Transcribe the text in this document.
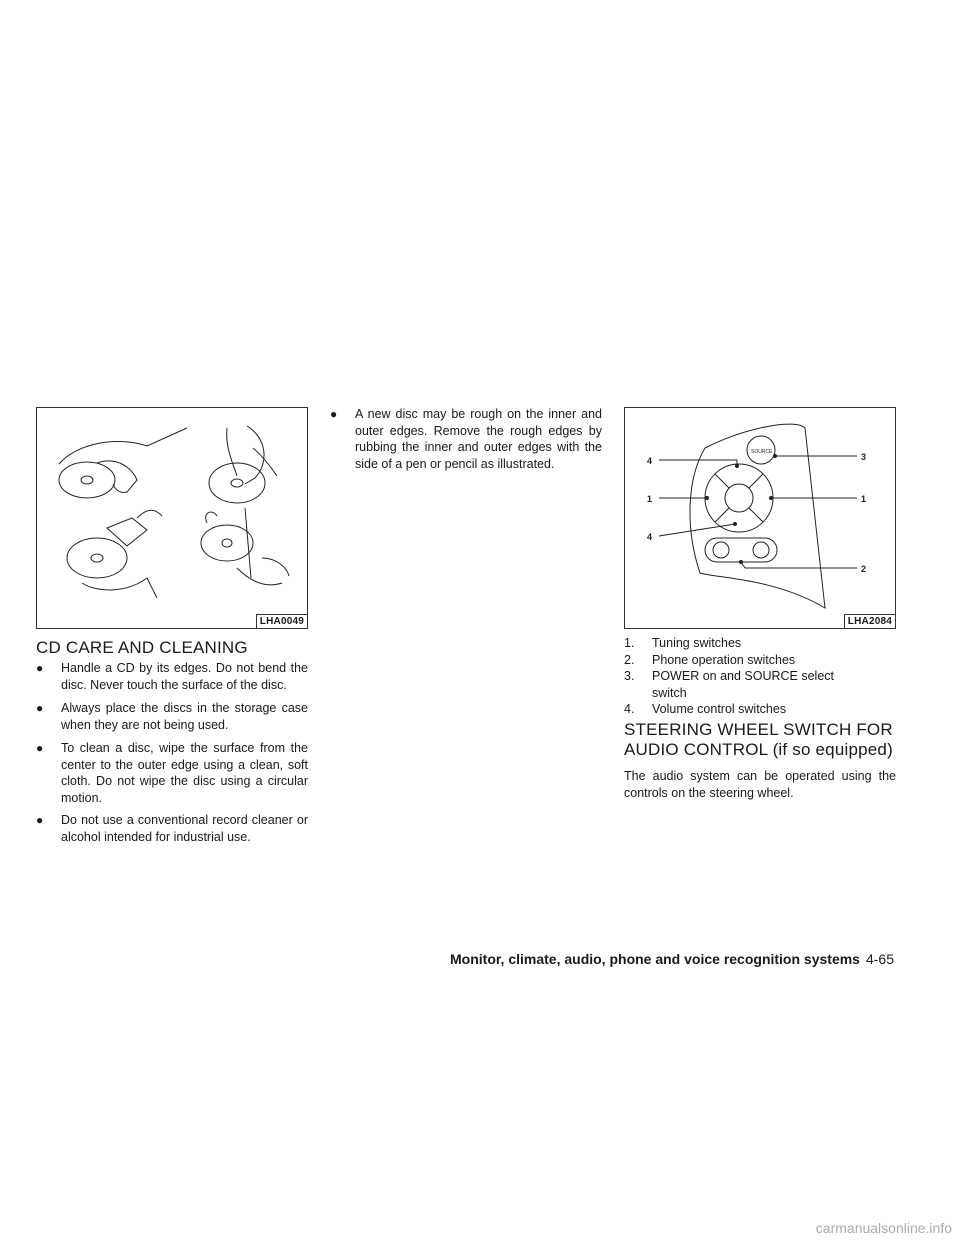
LHA0049
4
1
4
3
1
2
SOURCE
LHA2084
CD CARE AND CLEANING
●	Handle a CD by its edges. Do not bend the disc. Never touch the surface of the disc.
●	Always place the discs in the storage case when they are not being used.
●	To clean a disc, wipe the surface from the center to the outer edge using a clean, soft cloth. Do not wipe the disc using a circular motion.
●	Do not use a conventional record cleaner or alcohol intended for industrial use.
●	A new disc may be rough on the inner and outer edges. Remove the rough edges by rubbing the inner and outer edges with the side of a pen or pencil as illustrated.
1. Tuning switches
2. Phone operation switches
3. POWER on and SOURCE select switch
4. Volume control switches
STEERING WHEEL SWITCH FOR
AUDIO CONTROL (if so equipped)
The audio system can be operated using the controls on the steering wheel.
Monitor, climate, audio, phone and voice recognition systems 4-65
carmanualsonline.info
